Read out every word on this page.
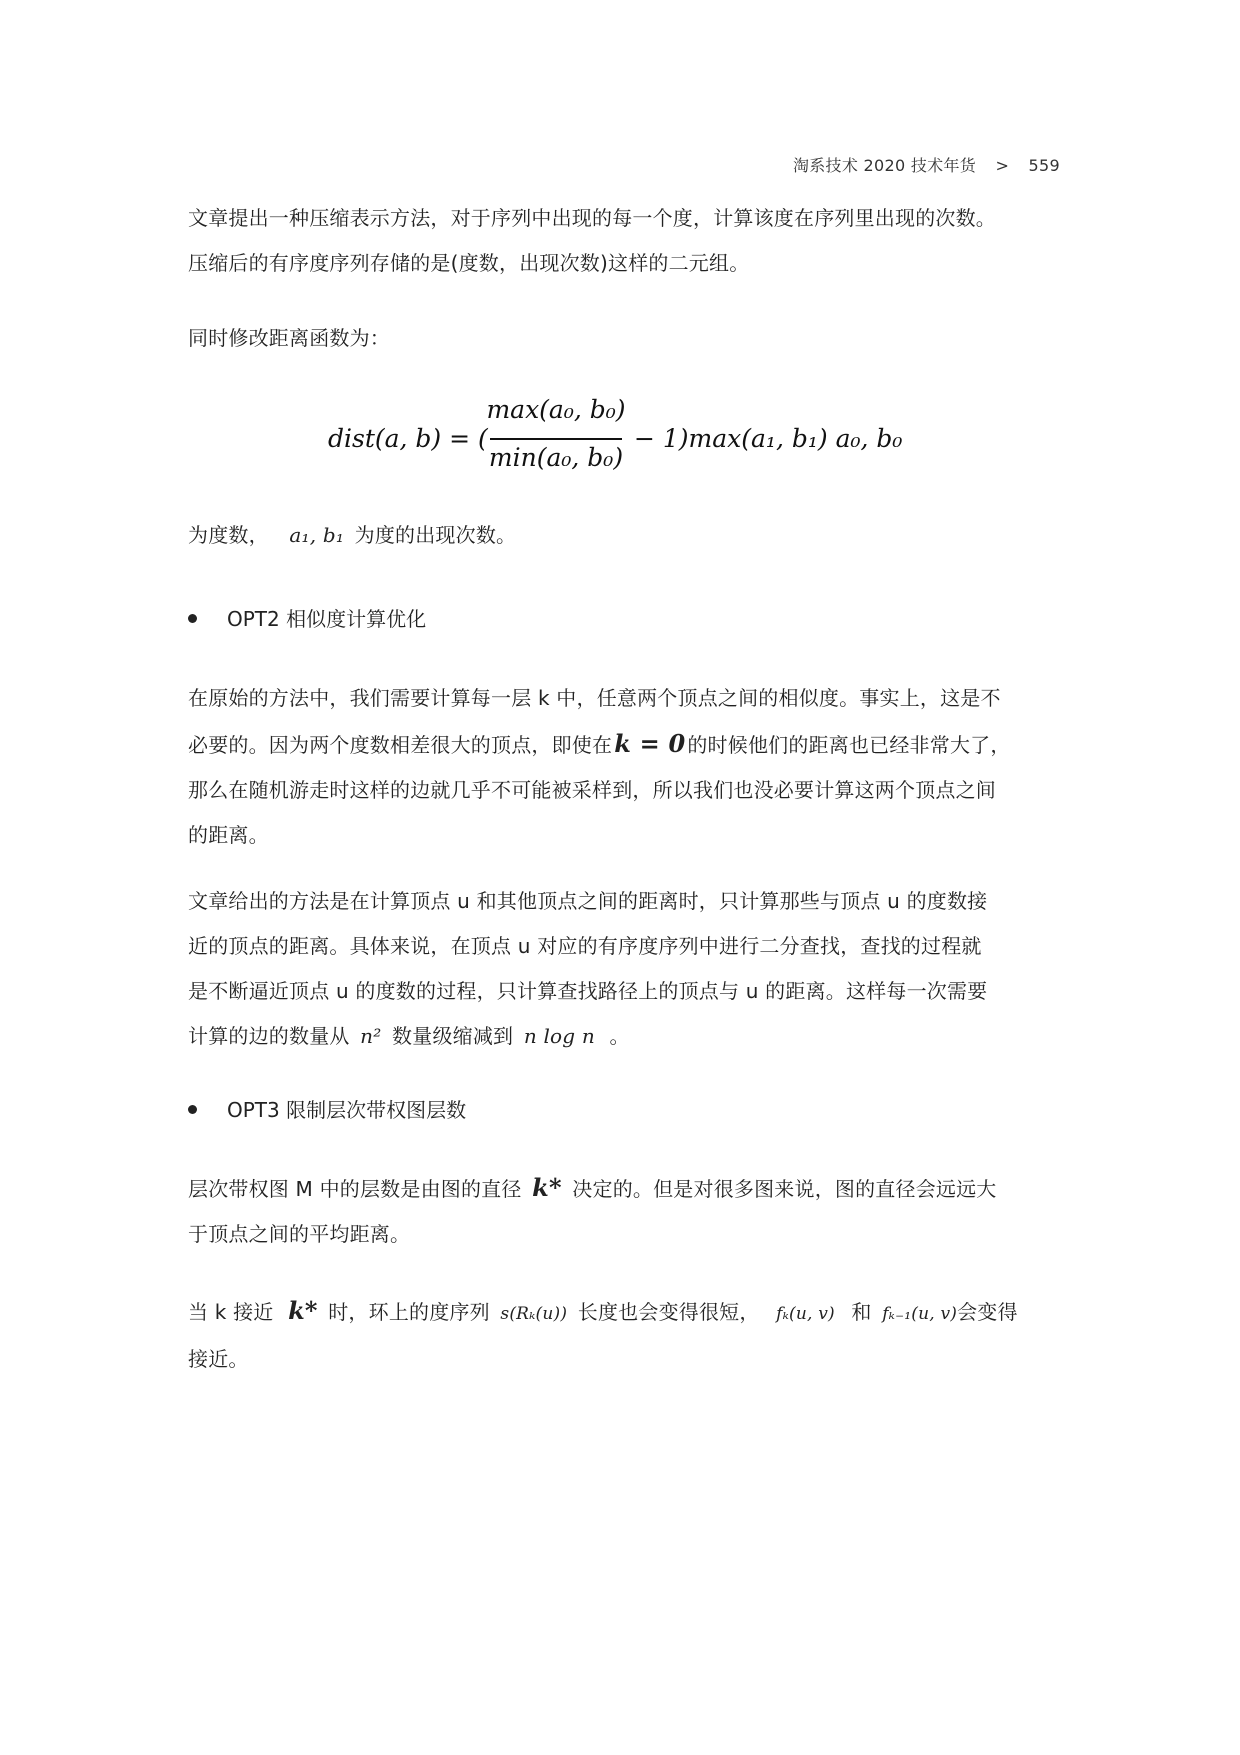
淘系技术 2020 技术年货 > 559

文章提出一种压缩表示方法，对于序列中出现的每一个度，计算该度在序列里出现的次数。
压缩后的有序度序列存储的是(度数，出现次数)这样的二元组。

同时修改距离函数为：

dist(a, b) = (
max(a₀, b₀)
min(a₀, b₀)
− 1)max(a₁, b₁) a₀, b₀

为度数， a₁, b₁ 为度的出现次数。

OPT2 相似度计算优化

在原始的方法中，我们需要计算每一层 k 中，任意两个顶点之间的相似度。事实上，这是不
必要的。因为两个度数相差很大的顶点，即使在k = 0 的时候他们的距离也已经非常大了，
那么在随机游走时这样的边就几乎不可能被采样到，所以我们也没必要计算这两个顶点之间
的距离。

文章给出的方法是在计算顶点 u 和其他顶点之间的距离时，只计算那些与顶点 u 的度数接
近的顶点的距离。具体来说，在顶点 u 对应的有序度序列中进行二分查找，查找的过程就
是不断逼近顶点 u 的度数的过程，只计算查找路径上的顶点与 u 的距离。这样每一次需要
计算的边的数量从 n² 数量级缩减到 n log n 。

OPT3 限制层次带权图层数

层次带权图 M 中的层数是由图的直径 k* 决定的。但是对很多图来说，图的直径会远远大
于顶点之间的平均距离。

当 k 接近 k* 时，环上的度序列 s(Rₖ(u)) 长度也会变得很短， fₖ(u, v) 和 fₖ₋₁(u, v)会变得
接近。
